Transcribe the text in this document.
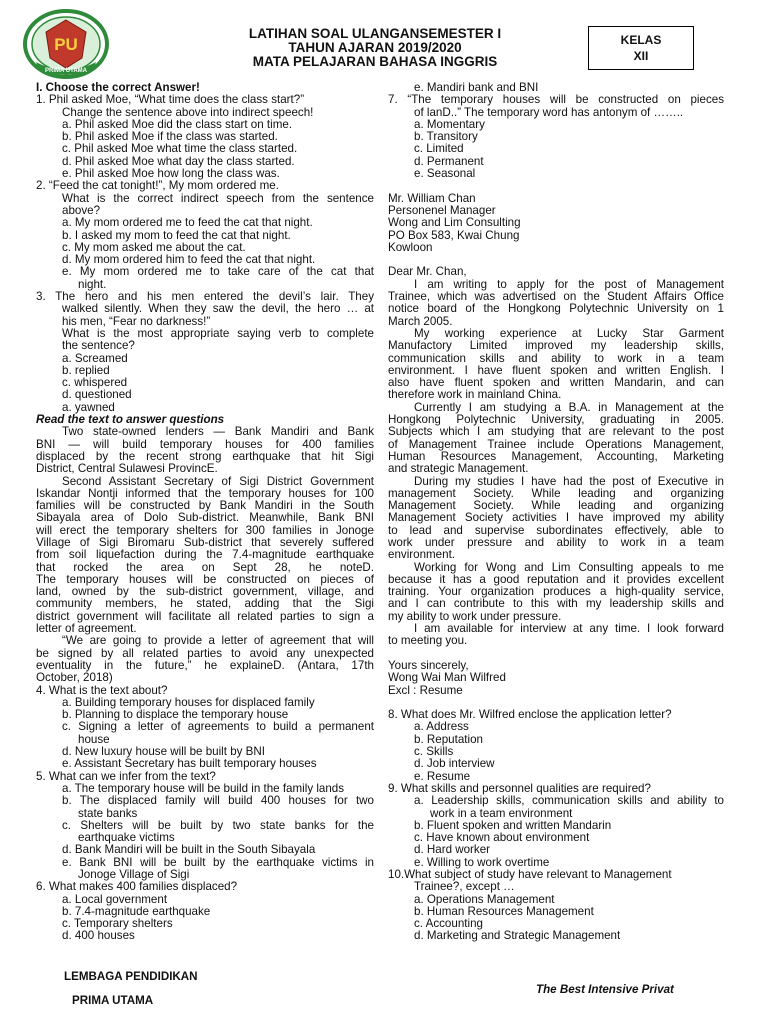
PU
PRIMA UTAMA
LATIHAN SOAL ULANGANSEMESTER I
TAHUN AJARAN 2019/2020
MATA PELAJARAN BAHASA INGGRIS
KELAS
XII
I. Choose the correct Answer!
1. Phil asked Moe, “What time does the class start?”
Change the sentence above into indirect speech!
a. Phil asked Moe did the class start on time.
b. Phil asked Moe if the class was started.
c. Phil asked Moe what time the class started.
d. Phil asked Moe what day the class started.
e. Phil asked Moe how long the class was.
2. “Feed the cat tonight!”, My mom ordered me.
What is the correct indirect speech from the sentence
above?
a. My mom ordered me to feed the cat that night.
b. I asked my mom to feed the cat that night.
c. My mom asked me about the cat.
d. My mom ordered him to feed the cat that night.
e. My mom ordered me to take care of the cat that
night.
3. The hero and his men entered the devil’s lair. They
walked silently. When they saw the devil, the hero … at
his men, “Fear no darkness!”
What is the most appropriate saying verb to complete
the sentence?
a. Screamed
b. replied
c. whispered
d. questioned
a. yawned
Read the text to answer questions
Two state-owned lenders — Bank Mandiri and Bank
BNI — will build temporary houses for 400 families
displaced by the recent strong earthquake that hit Sigi
District, Central Sulawesi ProvincE.
Second Assistant Secretary of Sigi District Government
Iskandar Nontji informed that the temporary houses for 100
families will be constructed by Bank Mandiri in the South
Sibayala area of Dolo Sub-district. Meanwhile, Bank BNI
will erect the temporary shelters for 300 families in Jonoge
Village of Sigi Biromaru Sub-district that severely suffered
from soil liquefaction during the 7.4-magnitude earthquake
that rocked the area on Sept 28, he noteD.
The temporary houses will be constructed on pieces of
land, owned by the sub-district government, village, and
community members, he stated, adding that the Sigi
district government will facilitate all related parties to sign a
letter of agreement.
“We are going to provide a letter of agreement that will
be signed by all related parties to avoid any unexpected
eventuality in the future,” he explaineD. (Antara, 17th
October, 2018)
4. What is the text about?
a. Building temporary houses for displaced family
b. Planning to displace the temporary house
c. Signing a letter of agreements to build a permanent
house
d. New luxury house will be built by BNI
e. Assistant Secretary has built temporary houses
5. What can we infer from the text?
a. The temporary house will be build in the family lands
b. The displaced family will build 400 houses for two
state banks
c. Shelters will be built by two state banks for the
earthquake victims
d. Bank Mandiri will be built in the South Sibayala
e. Bank BNI will be built by the earthquake victims in
Jonoge Village of Sigi
6. What makes 400 families displaced?
a. Local government
b. 7.4-magnitude earthquake
c. Temporary shelters
d. 400 houses
e. Mandiri bank and BNI
7. “The temporary houses will be constructed on pieces
of lanD..” The temporary word has antonym of ……..
a. Momentary
b. Transitory
c. Limited
d. Permanent
e. Seasonal
Mr. William Chan
Personenel Manager
Wong and Lim Consulting
PO Box 583, Kwai Chung
Kowloon
Dear Mr. Chan,
I am writing to apply for the post of Management
Trainee, which was advertised on the Student Affairs Office
notice board of the Hongkong Polytechnic University on 1
March 2005.
My working experience at Lucky Star Garment
Manufactory Limited improved my leadership skills,
communication skills and ability to work in a team
environment. I have fluent spoken and written English. I
also have fluent spoken and written Mandarin, and can
therefore work in mainland China.
Currently I am studying a B.A. in Management at the
Hongkong Polytechnic University, graduating in 2005.
Subjects which I am studying that are relevant to the post
of Management Trainee include Operations Management,
Human Resources Management, Accounting, Marketing
and strategic Management.
During my studies I have had the post of Executive in
management Society. While leading and organizing
Management Society. While leading and organizing
Management Society activities I have improved my ability
to lead and supervise subordinates effectively, able to
work under pressure and ability to work in a team
environment.
Working for Wong and Lim Consulting appeals to me
because it has a good reputation and it provides excellent
training. Your organization produces a high-quality service,
and I can contribute to this with my leadership skills and
my ability to work under pressure.
I am available for interview at any time. I look forward
to meeting you.
Yours sincerely,
Wong Wai Man Wilfred
Excl : Resume
8. What does Mr. Wilfred enclose the application letter?
a. Address
b. Reputation
c. Skills
d. Job interview
e. Resume
9. What skills and personnel qualities are required?
a. Leadership skills, communication skills and ability to
work in a team environment
b. Fluent spoken and written Mandarin
c. Have known about environment
d. Hard worker
e. Willing to work overtime
10.What subject of study have relevant to Management
Trainee?, except …
a. Operations Management
b. Human Resources Management
c. Accounting
d. Marketing and Strategic Management
LEMBAGA PENDIDIKAN
PRIMA UTAMA
The Best Intensive Privat
